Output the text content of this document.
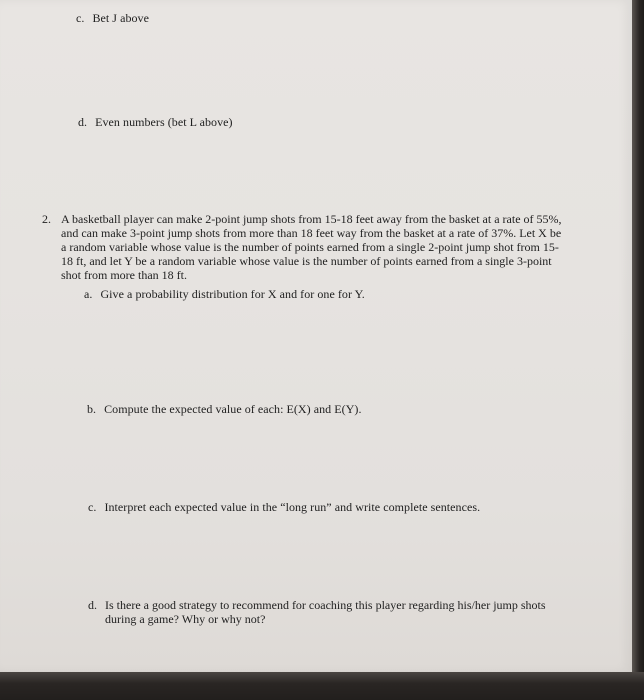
c. Bet J above
d. Even numbers (bet L above)
2. A basketball player can make 2-point jump shots from 15-18 feet away from the basket at a rate of 55%,
and can make 3-point jump shots from more than 18 feet way from the basket at a rate of 37%. Let X be
a random variable whose value is the number of points earned from a single 2-point jump shot from 15-
18 ft, and let Y be a random variable whose value is the number of points earned from a single 3-point
shot from more than 18 ft.
a. Give a probability distribution for X and for one for Y.
b. Compute the expected value of each: E(X) and E(Y).
c. Interpret each expected value in the “long run” and write complete sentences.
d. Is there a good strategy to recommend for coaching this player regarding his/her jump shots
during a game? Why or why not?
